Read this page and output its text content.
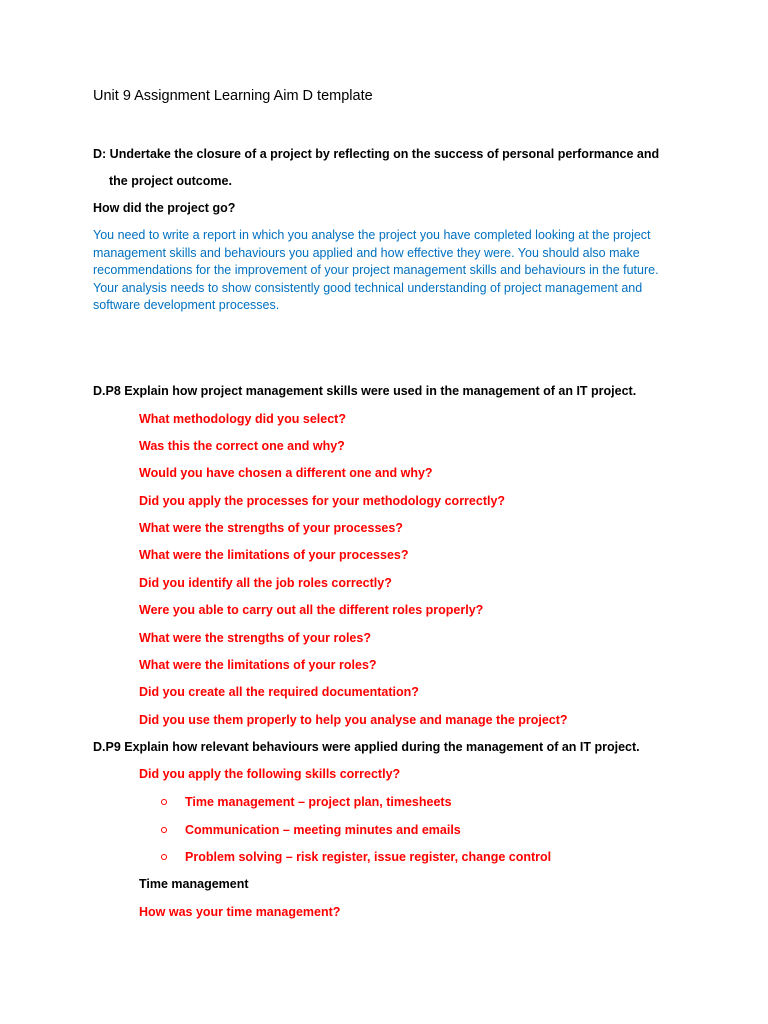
Unit 9 Assignment Learning Aim D template
D: Undertake the closure of a project by reflecting on the success of personal performance and
the project outcome.
How did the project go?
You need to write a report in which you analyse the project you have completed looking at the project management skills and behaviours you applied and how effective they were. You should also make recommendations for the improvement of your project management skills and behaviours in the future. Your analysis needs to show consistently good technical understanding of project management and software development processes.
D.P8 Explain how project management skills were used in the management of an IT project.
What methodology did you select?
Was this the correct one and why?
Would you have chosen a different one and why?
Did you apply the processes for your methodology correctly?
What were the strengths of your processes?
What were the limitations of your processes?
Did you identify all the job roles correctly?
Were you able to carry out all the different roles properly?
What were the strengths of your roles?
What were the limitations of your roles?
Did you create all the required documentation?
Did you use them properly to help you analyse and manage the project?
D.P9 Explain how relevant behaviours were applied during the management of an IT project.
Did you apply the following skills correctly?
Time management – project plan, timesheets
Communication – meeting minutes and emails
Problem solving – risk register, issue register, change control
Time management
How was your time management?
